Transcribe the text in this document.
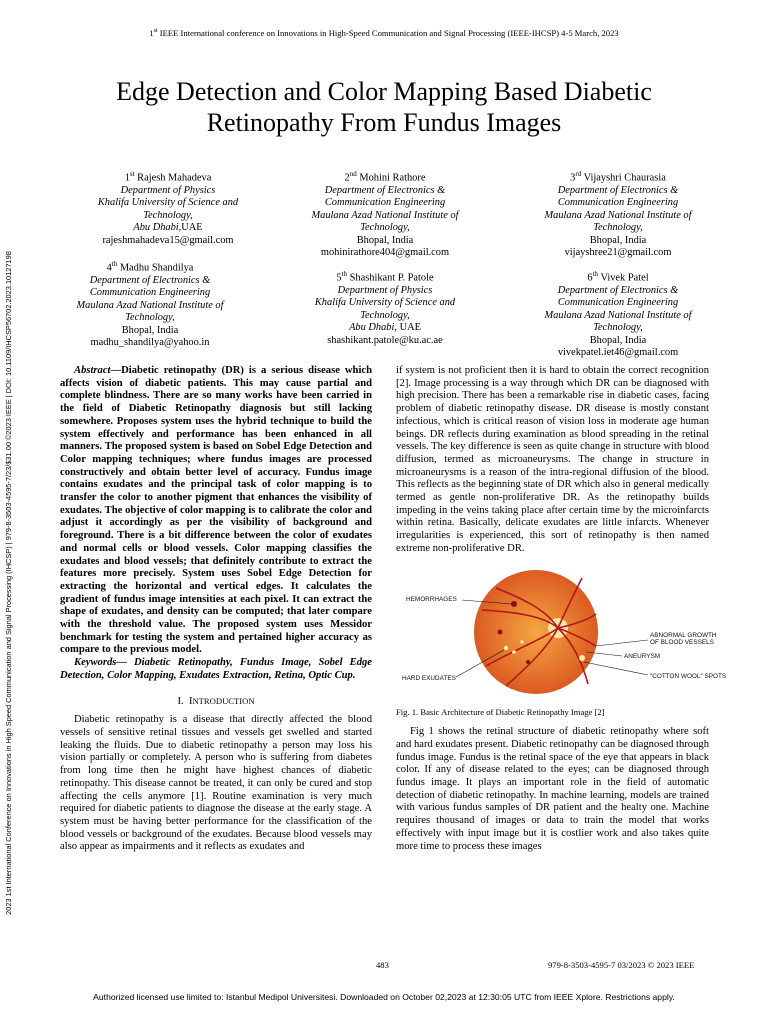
1st IEEE International conference on Innovations in High-Speed Communication and Signal Processing (IEEE-IHCSP) 4-5 March, 2023
Edge Detection and Color Mapping Based Diabetic
Retinopathy From Fundus Images
2023 1st International Conference on Innovations in High Speed Communication and Signal Processing (IHCSP) | 979-8-3503-4595-7/23/$31.00 ©2023 IEEE | DOI: 10.1109/IHCSP56702.2023.10127198
1st Rajesh Mahadeva
Department of Physics
Khalifa University of Science and Technology,
Abu Dhabi,UAE
rajeshmahadeva15@gmail.com
2nd Mohini Rathore
Department of Electronics & Communication Engineering
Maulana Azad National Institute of Technology,
Bhopal, India
mohinirathore404@gmail.com
3rd Vijayshri Chaurasia
Department of Electronics & Communication Engineering
Maulana Azad National Institute of Technology,
Bhopal, India
vijayshree21@gmail.com
4th Madhu Shandilya
Department of Electronics & Communication Engineering
Maulana Azad National Institute of Technology,
Bhopal, India
madhu_shandilya@yahoo.in
5th Shashikant P. Patole
Department of Physics
Khalifa University of Science and Technology,
Abu Dhabi, UAE
shashikant.patole@ku.ac.ae
6th Vivek Patel
Department of Electronics & Communication Engineering
Maulana Azad National Institute of Technology,
Bhopal, India
vivekpatel.iet46@gmail.com

Abstract—Diabetic retinopathy (DR) is a serious disease which affects vision of diabetic patients. This may cause partial and complete blindness. There are so many works have been carried in the field of Diabetic Retinopathy diagnosis but still lacking somewhere. Proposes system uses the hybrid technique to build the system effectively and performance has been enhanced in all manners. The proposed system is based on Sobel Edge Detection and Color mapping techniques; where fundus images are processed constructively and obtain better level of accuracy. Fundus image contains exudates and the principal task of color mapping is to transfer the color to another pigment that enhances the visibility of exudates. The objective of color mapping is to calibrate the color and adjust it accordingly as per the visibility of background and foreground. There is a bit difference between the color of exudates and normal cells or blood vessels. Color mapping classifies the exudates and blood vessels; that definitely contribute to extract the features more precisely. System uses Sobel Edge Detection for extracting the horizontal and vertical edges. It calculates the gradient of fundus image intensities at each pixel. It can extract the shape of exudates, and density can be computed; that later compare with the threshold value. The proposed system uses Messidor benchmark for testing the system and pertained higher accuracy as compare to the previous model.

Keywords— Diabetic Retinopathy, Fundus Image, Sobel Edge Detection, Color Mapping, Exudates Extraction, Retina, Optic Cup.

I. INTRODUCTION

Diabetic retinopathy is a disease that directly affected the blood vessels of sensitive retinal tissues and vessels get swelled and started leaking the fluids. Due to diabetic retinopathy a person may loss his vision partially or completely. A person who is suffering from diabetes from long time then he might have highest chances of diabetic retinopathy. This disease cannot be treated, it can only be cured and stop affecting the cells anymore [1]. Routine examination is very much required for diabetic patients to diagnose the disease at the early stage. A system must be having better performance for the classification of the blood vessels or background of the exudates. Because blood vessels may also appear as impairments and it reflects as exudates and

if system is not proficient then it is hard to obtain the correct recognition [2]. Image processing is a way through which DR can be diagnosed with high precision. There has been a remarkable rise in diabetic cases, facing problem of diabetic retinopathy disease. DR disease is mostly constant infectious, which is critical reason of vision loss in moderate age human beings. DR reflects during examination as blood spreading in the retinal vessels. The key difference is seen as quite change in structure with blood diffusion, termed as microaneurysms. The change in structure in microaneurysms is a reason of the intra-regional diffusion of the blood. This reflects as the beginning state of DR which also in general medically termed as gentle non-proliferative DR. As the retinopathy builds impeding in the veins taking place after certain time by the microinfarcts within retina. Basically, delicate exudates are little infarcts. Whenever irregularities is experienced, this sort of retinopathy is then named extreme non-proliferative DR.

HEMORRHAGES
ABNORMAL GROWTH
OF BLOOD VESSELS
ANEURYSM
HARD EXUDATES	"COTTON WOOL" SPOTS
Fig. 1. Basic Architecture of Diabetic Retinopathy Image [2]

Fig 1 shows the retinal structure of diabetic retinopathy where soft and hard exudates present. Diabetic retinopathy can be diagnosed through fundus image. Fundus is the retinal space of the eye that appears in black color. If any of disease related to the eyes; can be diagnosed through fundus image. It plays an important role in the field of automatic detection of diabetic retinopathy. In machine learning, models are trained with various fundus samples of DR patient and the healty one. Machine requires thousand of images or data to train the model that works effectively with input image but it is costlier work and also takes quite more time to process these images

483	979-8-3503-4595-7 03/2023 © 2023 IEEE
Authorized licensed use limited to: Istanbul Medipol Universitesi. Downloaded on October 02,2023 at 12:30:05 UTC from IEEE Xplore. Restrictions apply.
